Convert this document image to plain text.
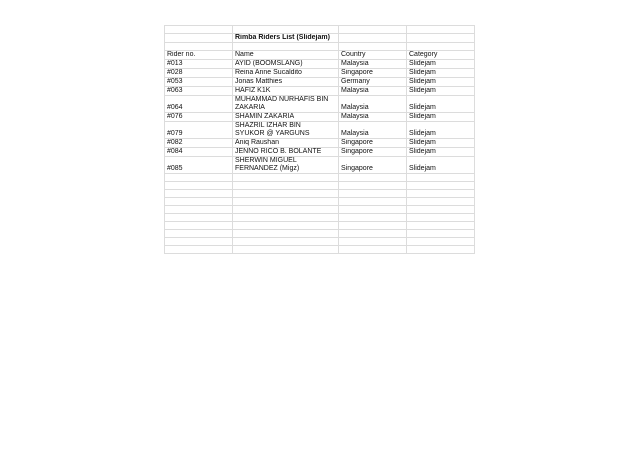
	Rimba Riders List (Slidejam)		

Rider no.	Name	Country	Category
#013	AYID (BOOMSLANG)	Malaysia	Slidejam
#028	Reina Anne Sucaldito	Singapore	Slidejam
#053	Jonas Matthies	Germany	Slidejam
#063	HAFIZ K1K	Malaysia	Slidejam
#064	MUHAMMAD NURHAFIS BIN
ZAKARIA	Malaysia	Slidejam
#076	SHAMIN ZAKARIA	Malaysia	Slidejam
#079	SHAZRIL IZHAR BIN
SYUKOR @ YARGUNS	Malaysia	Slidejam
#082	Aniq Raushan	Singapore	Slidejam
#084	JENNO RICO B. BOLANTE	Singapore	Slidejam
#085	SHERWIN MIGUEL
FERNANDEZ (Migz)	Singapore	Slidejam
